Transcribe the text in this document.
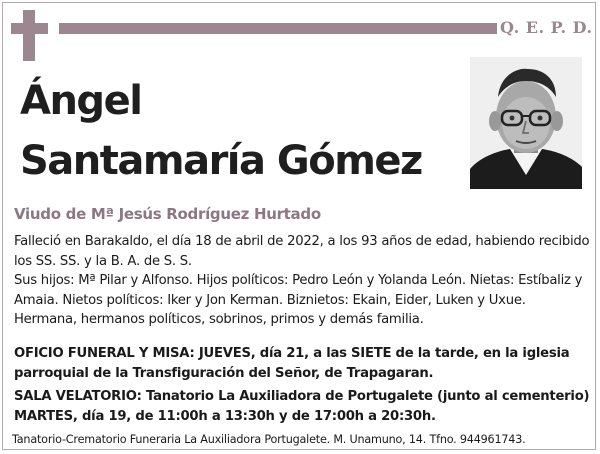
Q. E. P. D.
Ángel
Santamaría Gómez
Viudo de Mª Jesús Rodríguez Hurtado

Falleció en Barakaldo, el día 18 de abril de 2022, a los 93 años de edad, habiendo recibido los SS. SS. y la B. A. de S. S.

Sus hijos: Mª Pilar y Alfonso. Hijos políticos: Pedro León y Yolanda León. Nietas: Estíbaliz y Amaia. Nietos políticos: Iker y Jon Kerman. Biznietos: Ekain, Eider, Luken y Uxue. Hermana, hermanos políticos, sobrinos, primos y demás familia.

OFICIO FUNERAL Y MISA: JUEVES, día 21, a las SIETE de la tarde, en la iglesia parroquial de la Transfiguración del Señor, de Trapagaran.

SALA VELATORIO: Tanatorio La Auxiliadora de Portugalete (junto al cementerio) MARTES, día 19, de 11:00h a 13:30h y de 17:00h a 20:30h.

Tanatorio-Crematorio Funeraria La Auxiliadora Portugalete. M. Unamuno, 14. Tfno. 944961743.
